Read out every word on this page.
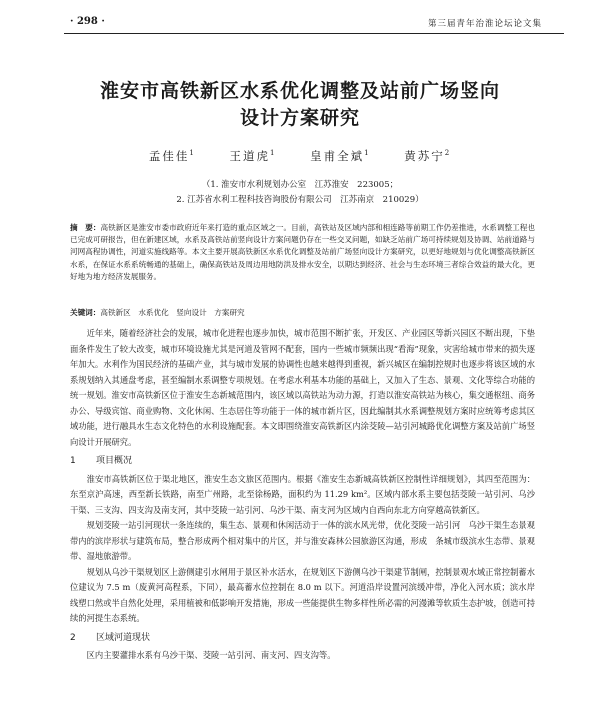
· 298 ·	第三届青年治淮论坛论文集
淮安市高铁新区水系优化调整及站前广场竖向
设计方案研究
孟佳佳$^1$	王道虎$^1$	皇甫全斌$^1$	黄苏宁$^2$
（1. 淮安市水利规划办公室　江苏淮安　223005；
2. 江苏省水利工程科技咨询股份有限公司　江苏南京　210029）
摘　要：高铁新区是淮安市委市政府近年来打造的重点区域之一。目前，高铁站及区域内部和相连路等前期工作仍差推进，水系调整工程也已完成可研报告，但在新建区域，水系及高铁站前竖向设计方案问题仍存在一些交叉问题，如缺乏站前广场可持续规划及协调、站前道路与河网高程协调性，河道实施线路等。本文主要开展高铁新区水系优化调整及站前广场竖向设计方案研究，以更好地规划与优化调整高铁新区水系，在保证水系系统畅通的基础上，确保高铁站及周边用地防洪及排水安全，以期达到经济、社会与生态环境三者综合效益的最大化，更好地为地方经济发展服务。
关键词：高铁新区　水系优化　竖向设计　方案研究

近年来，随着经济社会的发展，城市化进程也逐步加快，城市范围不断扩张，开发区、产业园区等新兴园区不断出现，下垫面条件发生了较大改变，城市环境设施尤其是河道及管网不配套，国内一些城市频频出现“看海”现象，灾害给城市带来的损失逐年加大。水利作为国民经济的基础产业，其与城市发展的协调性也越来越得到重视，新兴城区在编制控规时也逐步将该区域的水系规划纳入其通盘考虑，甚至编制水系调整专项规划。在考虑水利基本功能的基础上，又加入了生态、景观、文化等综合功能的统一规划。淮安市高铁新区位于淮安生态新城范围内，该区域以高铁站为动力源，打造以淮安高铁站为核心，集交通枢纽、商务办公、导级宾馆、商业购物、文化休闲、生态居住等功能于一体的城市新片区，因此编制其水系调整规划方案时应统筹考虑其区域功能，进行融具水生态文化特色的水利设施配套。本文即围绕淮安高铁新区内涂茭陵—站引河城路优化调整方案及站前广场竖向设计开展研究。

1 项目概况

淮安市高铁新区位于渠北地区，淮安生态文旅区范围内。根据《淮安生态新城高铁新区控制性详细规划》，其四至范围为：东至京沪高速，西至新长铁路，南至广州路，北至徐杨路，面积约为 11.29 km²。区域内部水系主要包括茭陵一站引河、乌沙干渠、三支沟、四支沟及南支河，其中茭陵一站引河、乌沙干渠、南支河为区域内自西向东北方向穿越高铁新区。

规划茭陵一站引河现状一条连续的，集生态、景观和休闲活动于一体的滨水风光带，优化茭陵一站引河　乌沙干渠生态景观带内的滨岸形状与建筑布局，整合形成两个相对集中的片区，并与淮安森林公园旅游区沟通，形成　条城市级滨水生态带、景观带、湿地旅游带。

规划从乌沙干渠规划区上游侧建引水闸用于景区补水活水，在规划区下游侧乌沙干渠建节制闸，控制景观水域正常控制蓄水位建议为 7.5 m（废黄河高程系，下同），最高蓄水位控制在 8.0 m 以下。河道沿岸设置河滨缓冲带，净化入河水质；滨水岸线塑口然或半自然化处理，采用植被和低影响开发措施，形成一些能提供生物多样性所必需的河漫滩等软质生态护坡，创造可持续的河提生态系统。

2 区域河道现状

区内主要灌排水系有乌沙干渠、茭陵一站引河、南支河、四支沟等。
